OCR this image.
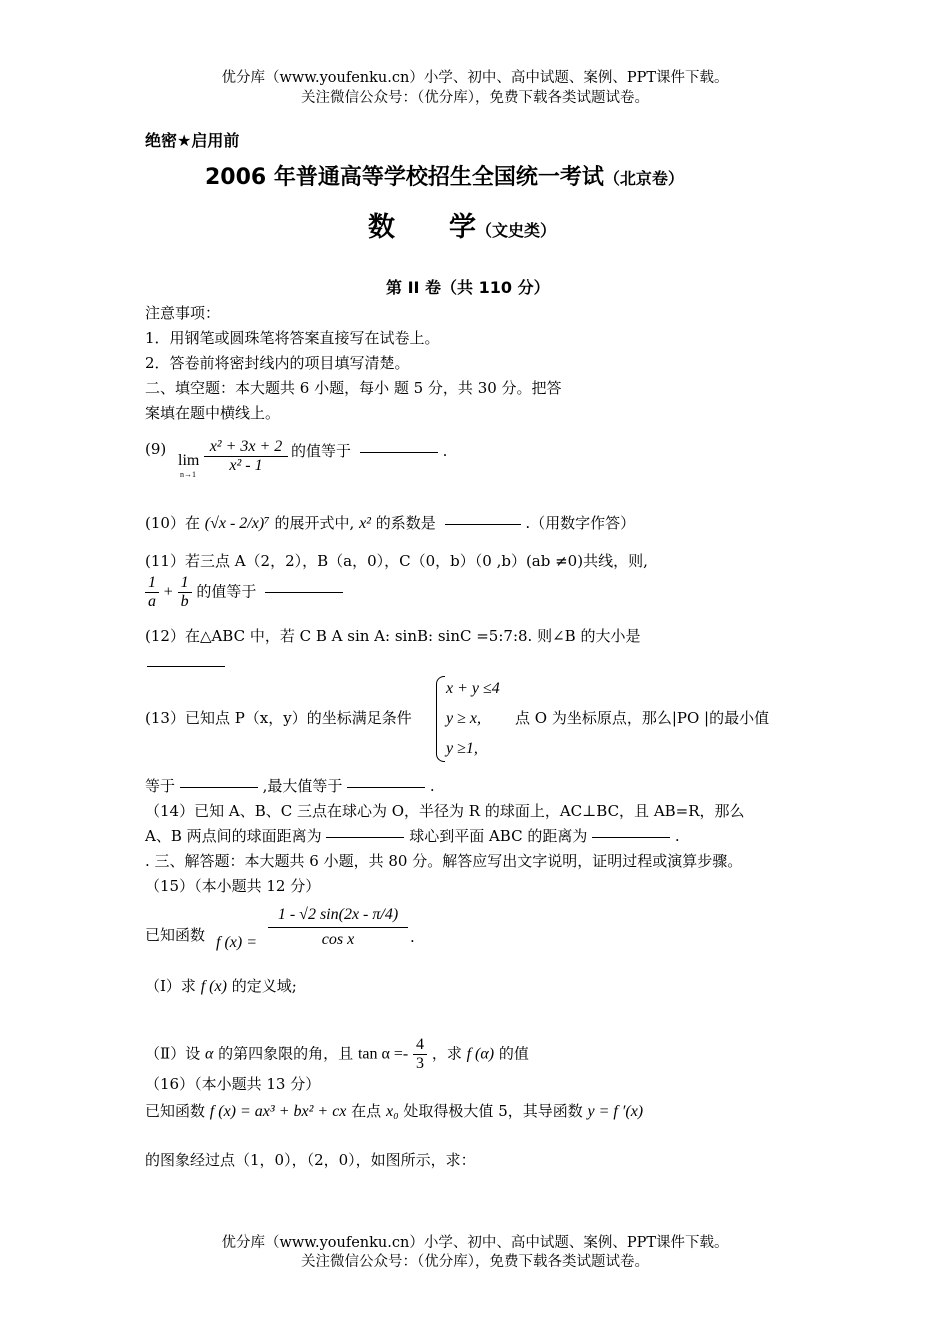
优分库（www.youfenku.cn）小学、初中、高中试题、案例、PPT课件下载。
关注微信公众号：（优分库），免费下载各类试题试卷。
绝密★启用前
2006 年普通高等学校招生全国统一考试（北京卷）
数　　学（文史类）
第 II 卷（共 110 分）
注意事项：
1．用钢笔或圆珠笔将答案直接写在试卷上。
2．答卷前将密封线内的项目填写清楚。
二、填空题：本大题共 6 小题，每小 题 5 分，共 30 分。把答
案填在题中横线上。
(9)
lim
$n\to 1 \frac{\text{x² + 3x + 2}}{\text{x² - 1}}$ 的值等于	.
(10）在 (√x - 2/x)⁷ 的展开式中, x² 的系数是	.（用数字作答）
(11）若三点 A（2，2），B（a，0），C（0，b）（0 ,b）(ab ≠0)共线，则,
$\frac{1}{a} + \frac{1}{b}$ 的值等于
(12）在△ABC 中，若 C B A sin A: sinB: sinC =5:7:8. 则∠B 的大小是
(13）已知点 P（x，y）的坐标满足条件
x + y ≤4
y ≥ x,
y ≥1,
点 O 为坐标原点，那么|PO |的最小值
等于	,最大值等于	.
（14）已知 A、B、C 三点在球心为 O，半径为 R 的球面上，AC⊥BC，且 AB=R，那么
A、B 两点间的球面距离为	球心到平面 ABC 的距离为	.
. 三、解答题：本大题共 6 小题，共 80 分。解答应写出文字说明，证明过程或演算步骤。
（15）（本小题共 12 分）
已知函数 f $(x) = \frac{1 - √2 \sin(2x - \pi/4)}{\text{cos x}}$ .
（Ⅰ）求 f (x) 的定义域;
（Ⅱ）设 α 的第四象限的角，且 $\tan \alpha =- \frac{4}{3}$ ，求 f (α) 的值
（16）（本小题共 13 分）
已知函数 f (x) = ax³ + bx² + cx 在点 x₀ 处取得极大值 5，其导函数 y = f ′(x)
的图象经过点（1，0），（2，0），如图所示，求：
优分库（www.youfenku.cn）小学、初中、高中试题、案例、PPT课件下载。
关注微信公众号：（优分库），免费下载各类试题试卷。
